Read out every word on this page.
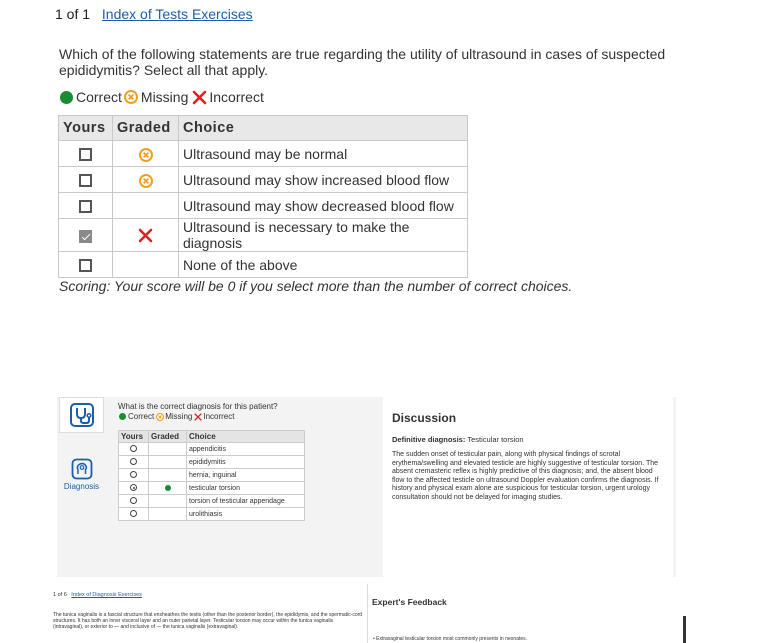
1 of 1 Index of Tests Exercises
Which of the following statements are true regarding the utility of ultrasound in cases of suspected epididymitis? Select all that apply.
Correct Missing Incorrect
Yours	Graded	Choice
		Ultrasound may be normal
		Ultrasound may show increased blood flow
		Ultrasound may show decreased blood flow
		Ultrasound is necessary to make the diagnosis
		None of the above
Scoring: Your score will be 0 if you select more than the number of correct choices.
Diagnosis
What is the correct diagnosis for this patient?
Correct Missing Incorrect
Yours	Graded	Choice
		appendicitis
		epididymitis
		hernia, inguinal
		testicular torsion
		torsion of testicular appendage
		urolithiasis
Discussion
Definitive diagnosis: Testicular torsion

The sudden onset of testicular pain, along with physical findings of scrotal erythema/swelling and elevated testicle are highly suggestive of testicular torsion. The absent cremasteric reflex is highly predictive of this diagnosis; and, the absent blood flow to the affected testicle on ultrasound Doppler evaluation confirms the diagnosis. If history and physical exam alone are suspicious for testicular torsion, urgent urology consultation should not be delayed for imaging studies.

1 of 6 Index of Diagnosis Exercises
The tunica vaginalis is a fascial structure that ensheathes the testis (other than the posterior border), the epididymis, and the spermatic-cord structures. It has both an inner visceral layer and an outer parietal layer. Testicular torsion may occur within the tunica vaginalis (intravaginal), or exterior to — and inclusive of — the tunica vaginalis (extravaginal).
Expert's Feedback
• Extravaginal testicular torsion most commonly presents in neonates.
